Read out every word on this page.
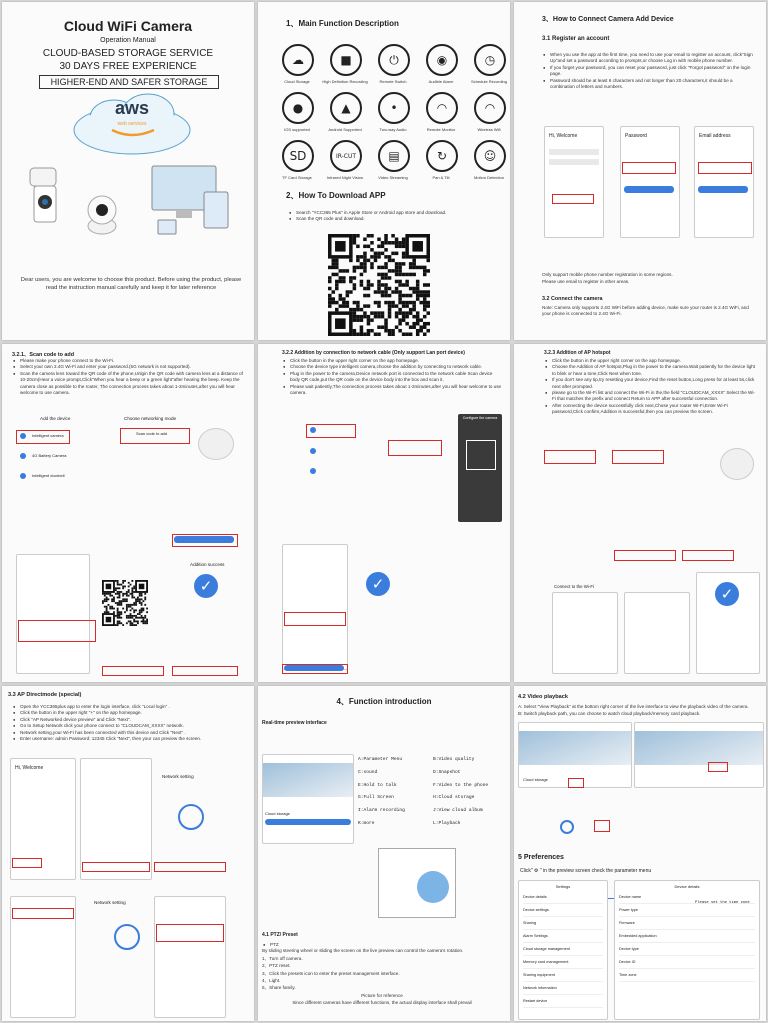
Cloud WiFi Camera
Operation Manual
CLOUD-BASED STORAGE SERVICE
30 DAYS FREE EXPERIENCE
HIGHER-END AND SAFER STORAGE
aws
web services
Dear users, you are welcome to choose this product. Before using the product, please read the instruction manual carefully and keep it for later reference
1、Main Function Description
☁
Cloud Storage
■
High Definition Recording
⏻
Remote Switch
◉
Audible Alarm
◷
Schedule Recording
●
IOS supported
▲
Android Supported
•
Two-way Audio
◠
Remote Monitor
◠
Wireless Wifi
SD
TF Card Storage
IR-CUT
Infrared Night Vision
▤
Video Streaming
↻
Pan & Tilt
☺
Motion Detection
2、How To Download APP
● Search "YCC365 Plus" in Apple Store or Android app store and download.
● Scan the QR code and download.
3、How to Connect Camera Add Device
3.1 Register an account
● When you use the app at the first time, you need to use your email to register an account, click"Sign Up"and set a password according to prompts,or choose Log in with mobile phone number.
● If you forget your password, you can reset your password, just click "Forgot password" on the login page.
● Password should be at least 6 characters and not longer than 20 characters,it should be a combination of letters and numbers.
Hi, Welcome	Password	Email address

Only support mobile phone number registration in some regions.

Please use email to register in other areas.

3.2 Connect the camera
Note: Camera only supports 2.4G WiFi before adding device, make sure your router is 2.4G WiFi, and your phone is connected to 2.4G Wi-Fi.
3.2.1、Scan code to add
● Please make your phone connect to the Wi-Fi.
● Select your own 2.4G Wi-Fi and enter your password.(5G network is not supported).
● Scan the camera lens toward the QR code of the phone,Unlgin the QR code with camera lens at a distance of 10-20cm(Hear a voice prompt,Click"When you hear a beep or a green light"after hearing the beep. Keep the camera close as possible to the router, The connection process takes about 1-2minutes,after you will hear welcome to use camera.
Add the device	Choose networking mode
Intelligent camera
4G Battery Camera
Intelligent doorbell
Scan code to add
Addition success
✓
3.2.2 Addition by connection to network cable (Only support Lan port device)
● Click the button in the upper right corner on the app homepage.
● Choose the device type intelligent camera,choose the addition by connecting to network cable.
● Plug in the power to the camera,Device network port is connected to the network cable Scan device body QR code,put the QR code on the device body into the box and scan it.
● Please wait patiently,The connection process takes about 1-2minutes,after you will hear welcome to use camera.
Configure the camera
✓
3.2.3 Addition of AP hotspot
● Click the button in the upper right corner on the app homepage.
● Choose the Addition of AP hotspot,Plug in the power to the camera.Wait patiently for the device light to blink or hear a tone,Click Next when tone.
● If you don't see any tip,try resetting your device,Find the reset button,Long press for at least 5s,click next after prompted.
● please go to the Wi-Fi list and connect the Wi-Fi in the,the field "CLOUDCAM_XXXX" Select the Wi-Fi that matches the prefix and connect Return to APP after successful connection.
● After connecting the device successfully click next,Chose your router Wi-Fi,Enter Wi-Fi password,Click confirm,Addition is successful,then you can preview the screen.
Connect to the Wi-Fi	✓
3.3 AP Directmode (special)
● Open the YCC365plus app to enter the login interface, click "Local login" .
● Click the button in the upper right "+" on the app homepage.
● Click "AP Networked device preview" and Click "Next".
● Go to Setup Network click your phone connect to "CLOUDCAM_XXXX" network.
● Network setting,your Wi-Fi has been connected with this device and Click "Next" .
● Enter username: admin Password: 12345 Click "Next", then your can preview the screen.
Hi, Welcome
Network setting
Network setting
4、Function introduction
Real-time preview interface
Cloud storage
A:Parameter Menu	B:Video quality
C:sound	D:Snapshot
E:Hold to talk	F:Video to the phone
G:Full Screen	H:Cloud storage
I:Alarm recording	J:View cloud album
K:more	L:Playback
4.1 PTZ/ Preset
● PTZ

By sliding steering wheel or sliding the screen on the live preview can control the camera's rotation.

1、Turn off camera.

2、PTZ reset.

3、Click the presets icon to enter the preset management interface.

4、Light.

5、Share family.

Picture for reference

Since different cameras have different functions, the actual display interface shall prevail

4.2 Video playback

A: Select "View Playback" at the bottom right corner of the live interface to view the playback video of the camera.

B: Switch playback path, you can choose to watch cloud playback/memory card playback.

Cloud storage
5 Preferences
Click" ⚙ " in the preview screen check the parameter menu
Settings
Device details
Device settings
Sharing
Alarm Settings
Cloud storage management
Memory card management
Sharing equipment
Network information
Restart device
Device details
Device name
Power type
Firmware
Embedded application
Device type
Device ID
Time zone
Please set the time zone
